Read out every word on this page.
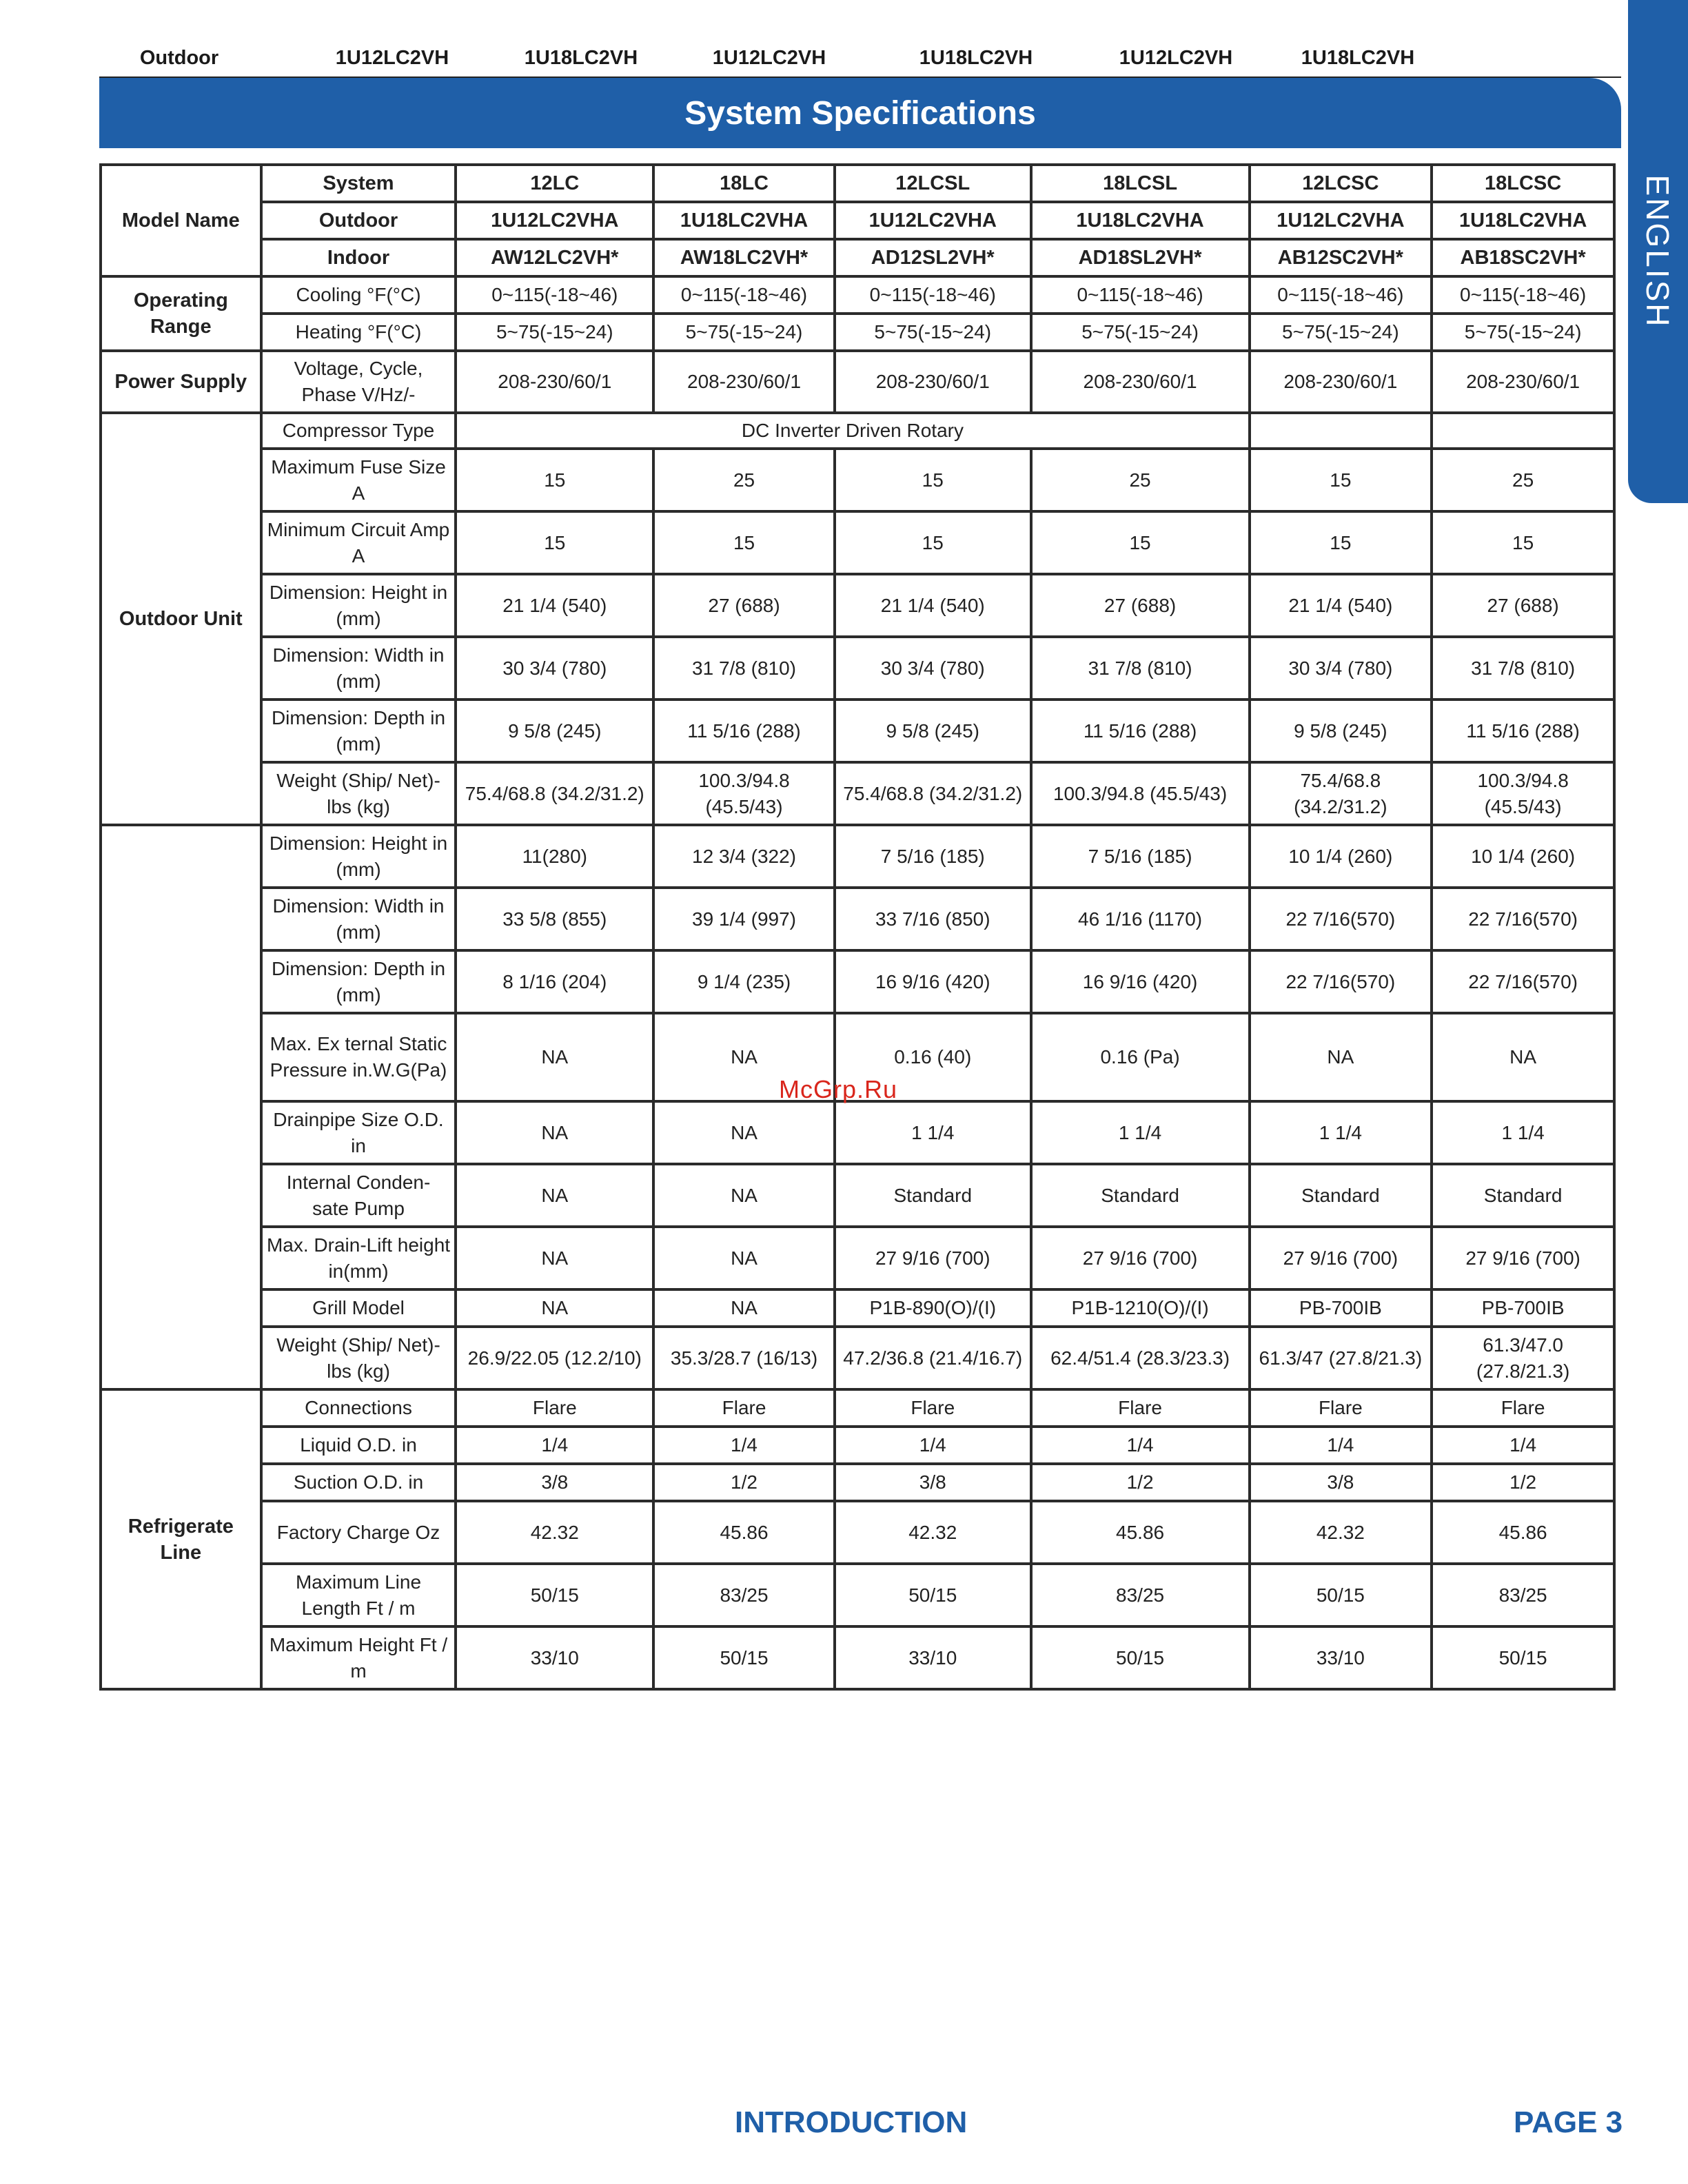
Outdoor	1U12LC2VH	1U18LC2VH	1U12LC2VH	1U18LC2VH	1U12LC2VH	1U18LC2VH
System Specifications
ENGLISH
Model Name	System	12LC	18LC	12LCSL	18LCSL	12LCSC	18LCSC
	Outdoor	1U12LC2VHA	1U18LC2VHA	1U12LC2VHA	1U18LC2VHA	1U12LC2VHA	1U18LC2VHA
	Indoor	AW12LC2VH*	AW18LC2VH*	AD12SL2VH*	AD18SL2VH*	AB12SC2VH*	AB18SC2VH*
Operating Range	Cooling °F(°C)	0~115(-18~46)	0~115(-18~46)	0~115(-18~46)	0~115(-18~46)	0~115(-18~46)	0~115(-18~46)
	Heating °F(°C)	5~75(-15~24)	5~75(-15~24)	5~75(-15~24)	5~75(-15~24)	5~75(-15~24)	5~75(-15~24)
Power Supply	Voltage, Cycle, Phase V/Hz/-	208-230/60/1	208-230/60/1	208-230/60/1	208-230/60/1	208-230/60/1	208-230/60/1
Outdoor Unit	Compressor Type	DC Inverter Driven Rotary					
	Maximum Fuse Size A	15	25	15	25	15	25
	Minimum Circuit Amp A	15	15	15	15	15	15
	Dimension: Height in (mm)	21 1/4 (540)	27 (688)	21 1/4 (540)	27 (688)	21 1/4 (540)	27 (688)
	Dimension: Width in (mm)	30 3/4 (780)	31 7/8 (810)	30 3/4 (780)	31 7/8 (810)	30 3/4 (780)	31 7/8 (810)
	Dimension: Depth in (mm)	9 5/8 (245)	11 5/16 (288)	9 5/8 (245)	11 5/16 (288)	9 5/8 (245)	11 5/16 (288)
	Weight (Ship/ Net)- lbs (kg)	75.4/68.8 (34.2/31.2)	100.3/94.8 (45.5/43)	75.4/68.8 (34.2/31.2)	100.3/94.8 (45.5/43)	75.4/68.8 (34.2/31.2)	100.3/94.8 (45.5/43)
	Dimension: Height in (mm)	11(280)	12 3/4 (322)	7 5/16 (185)	7 5/16 (185)	10 1/4 (260)	10 1/4 (260)
	Dimension: Width in (mm)	33 5/8 (855)	39 1/4 (997)	33 7/16 (850)	46 1/16 (1170)	22 7/16(570)	22 7/16(570)
	Dimension: Depth in (mm)	8 1/16 (204)	9 1/4 (235)	16 9/16 (420)	16 9/16 (420)	22 7/16(570)	22 7/16(570)
	Max. Ex ternal Static Pressure in.W.G(Pa)	NA	NA	0.16 (40)	0.16 (Pa)	NA	NA
	Drainpipe Size O.D. in	NA	NA	1 1/4	1 1/4	1 1/4	1 1/4
	Internal Conden- sate Pump	NA	NA	Standard	Standard	Standard	Standard
	Max. Drain-Lift height in(mm)	NA	NA	27 9/16 (700)	27 9/16 (700)	27 9/16 (700)	27 9/16 (700)
	Grill Model	NA	NA	P1B-890(O)/(I)	P1B-1210(O)/(I)	PB-700IB	PB-700IB
	Weight (Ship/ Net)- lbs (kg)	26.9/22.05 (12.2/10)	35.3/28.7 (16/13)	47.2/36.8 (21.4/16.7)	62.4/51.4 (28.3/23.3)	61.3/47 (27.8/21.3)	61.3/47.0 (27.8/21.3)
Refrigerate Line	Connections	Flare	Flare	Flare	Flare	Flare	Flare
	Liquid O.D. in	1/4	1/4	1/4	1/4	1/4	1/4
	Suction O.D. in	3/8	1/2	3/8	1/2	3/8	1/2
	Factory Charge Oz	42.32	45.86	42.32	45.86	42.32	45.86
	Maximum Line Length Ft / m	50/15	83/25	50/15	83/25	50/15	83/25
	Maximum Height Ft / m	33/10	50/15	33/10	50/15	33/10	50/15
McGrp.Ru
INTRODUCTION	PAGE 3
